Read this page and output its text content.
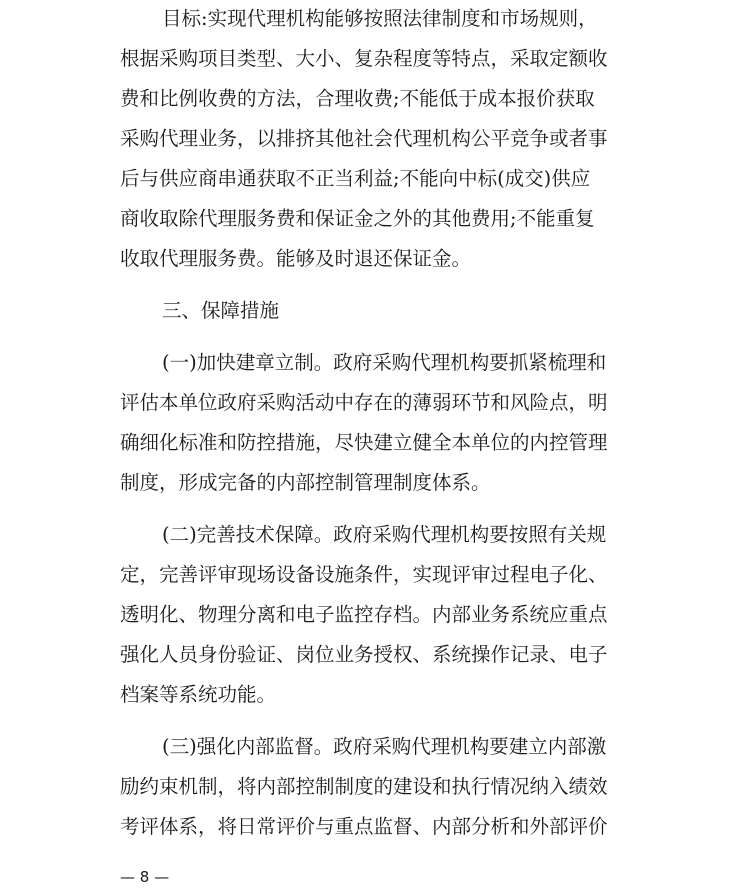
目标:实现代理机构能够按照法律制度和市场规则，
根据采购项目类型、大小、复杂程度等特点，采取定额收
费和比例收费的方法，合理收费;不能低于成本报价获取
采购代理业务，以排挤其他社会代理机构公平竞争或者事
后与供应商串通获取不正当利益;不能向中标(成交)供应
商收取除代理服务费和保证金之外的其他费用;不能重复
收取代理服务费。能够及时退还保证金。
三、保障措施
(一)加快建章立制。政府采购代理机构要抓紧梳理和
评估本单位政府采购活动中存在的薄弱环节和风险点，明
确细化标准和防控措施，尽快建立健全本单位的内控管理
制度，形成完备的内部控制管理制度体系。
(二)完善技术保障。政府采购代理机构要按照有关规
定，完善评审现场设备设施条件，实现评审过程电子化、
透明化、物理分离和电子监控存档。内部业务系统应重点
强化人员身份验证、岗位业务授权、系统操作记录、电子
档案等系统功能。
(三)强化内部监督。政府采购代理机构要建立内部激
励约束机制，将内部控制制度的建设和执行情况纳入绩效
考评体系，将日常评价与重点监督、内部分析和外部评价
— 8 —
